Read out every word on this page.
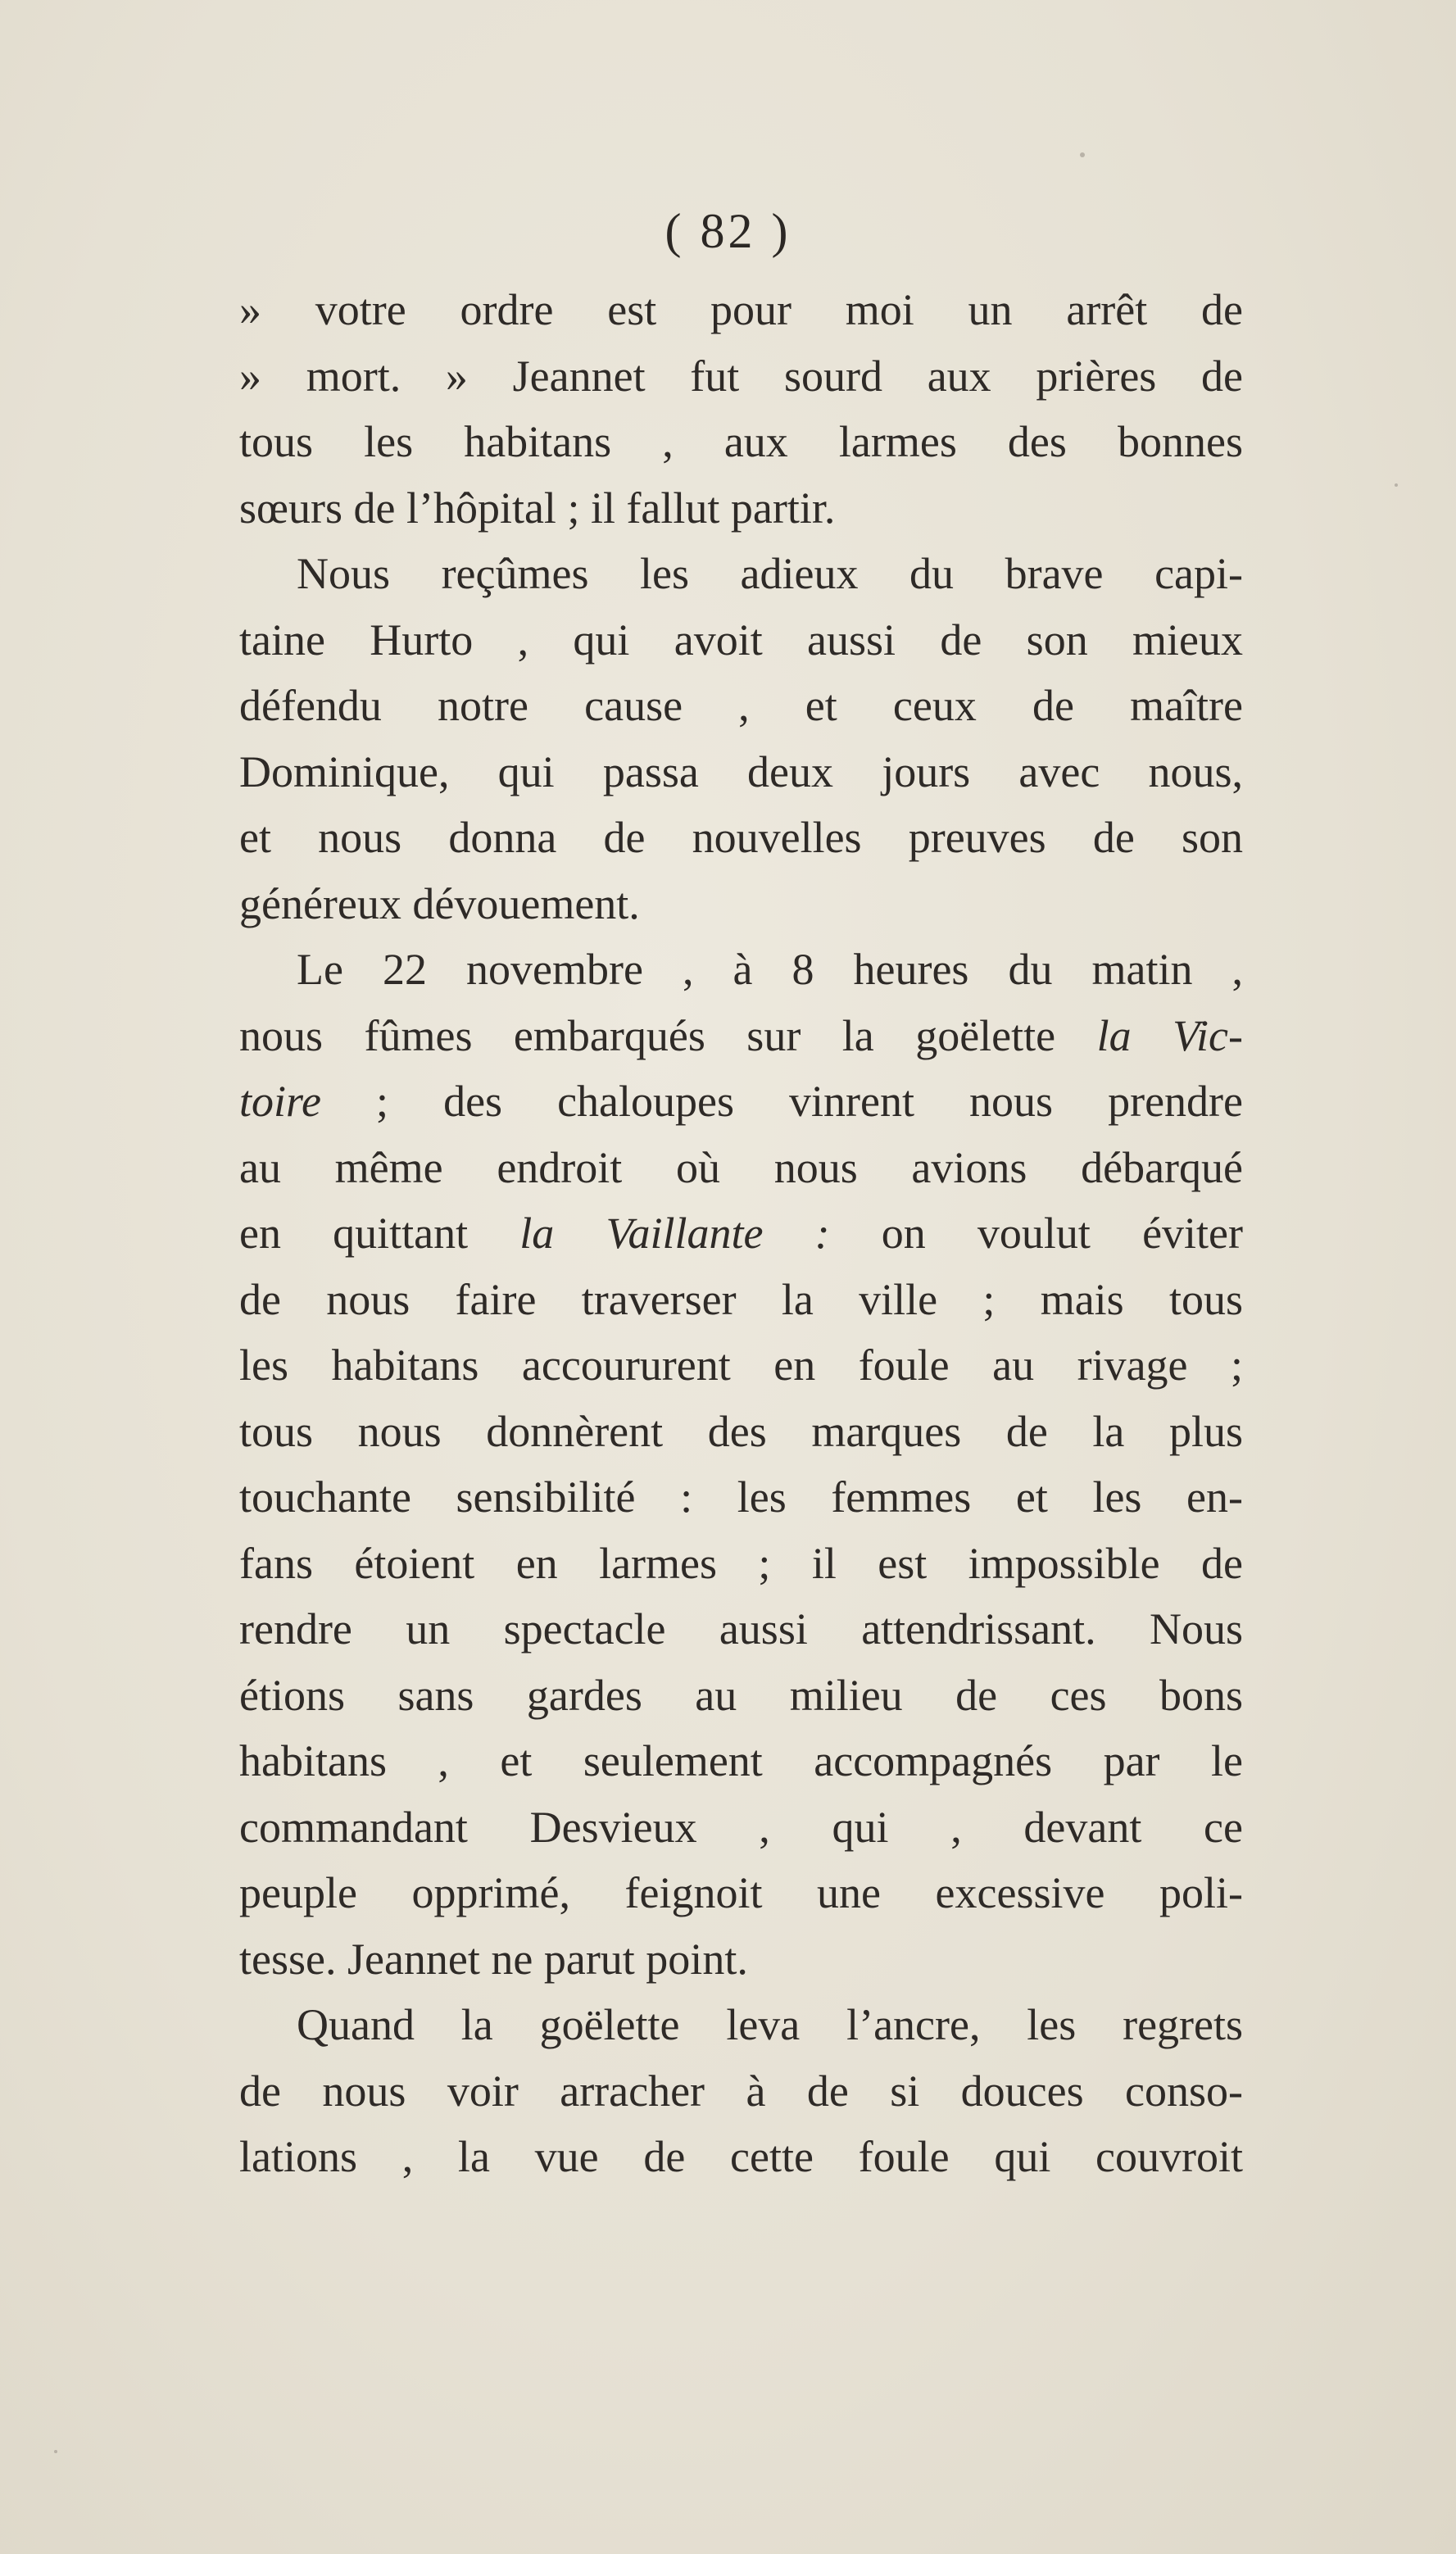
( 82 )
» votre ordre est pour moi un arrêt de
» mort. » Jeannet fut sourd aux prières de
tous les habitans , aux larmes des bonnes
sœurs de l’hôpital ; il fallut partir.
Nous reçûmes les adieux du brave capi-
taine Hurto , qui avoit aussi de son mieux
défendu notre cause , et ceux de maître
Dominique, qui passa deux jours avec nous,
et nous donna de nouvelles preuves de son
généreux dévouement.
Le 22 novembre , à 8 heures du matin ,
nous fûmes embarqués sur la goëlette la Vic-
toire ; des chaloupes vinrent nous prendre
au même endroit où nous avions débarqué
en quittant la Vaillante : on voulut éviter
de nous faire traverser la ville ; mais tous
les habitans accoururent en foule au rivage ;
tous nous donnèrent des marques de la plus
touchante sensibilité : les femmes et les en-
fans étoient en larmes ; il est impossible de
rendre un spectacle aussi attendrissant. Nous
étions sans gardes au milieu de ces bons
habitans , et seulement accompagnés par le
commandant Desvieux , qui , devant ce
peuple opprimé, feignoit une excessive poli-
tesse. Jeannet ne parut point.
Quand la goëlette leva l’ancre, les regrets
de nous voir arracher à de si douces conso-
lations , la vue de cette foule qui couvroit
